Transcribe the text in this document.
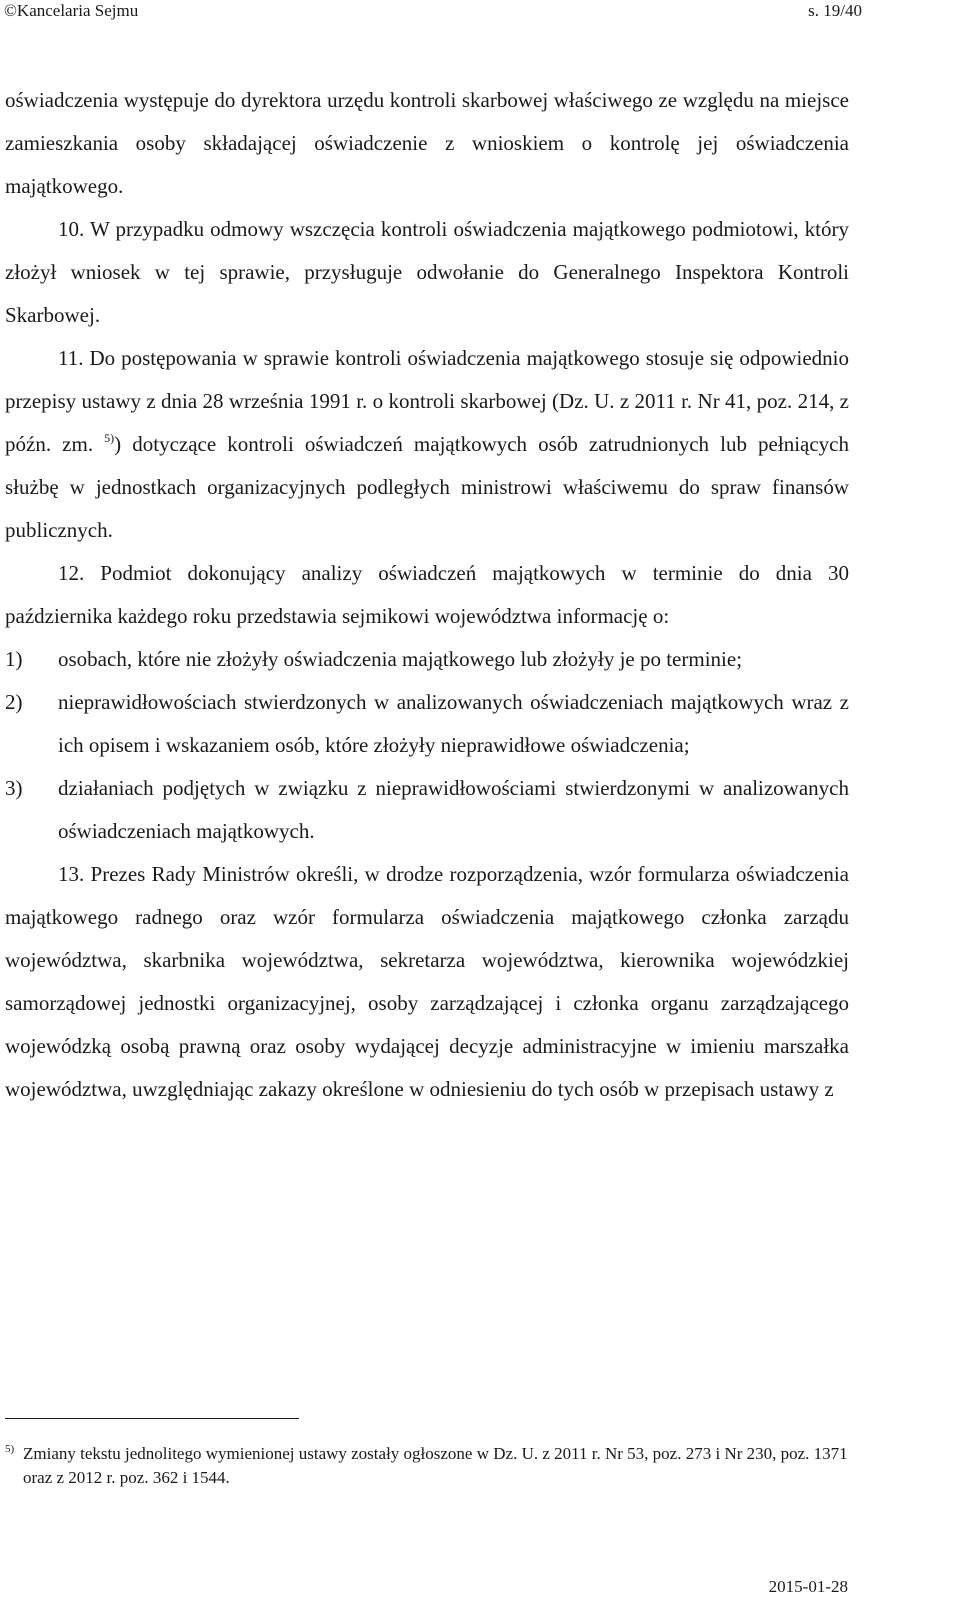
©Kancelaria Sejmu	s. 19/40

oświadczenia występuje do dyrektora urzędu kontroli skarbowej właściwego ze względu na miejsce zamieszkania osoby składającej oświadczenie z wnioskiem o kontrolę jej oświadczenia majątkowego.

10. W przypadku odmowy wszczęcia kontroli oświadczenia majątkowego podmiotowi, który złożył wniosek w tej sprawie, przysługuje odwołanie do Generalnego Inspektora Kontroli Skarbowej.

11. Do postępowania w sprawie kontroli oświadczenia majątkowego stosuje się odpowiednio przepisy ustawy z dnia 28 września 1991 r. o kontroli skarbowej (Dz. U. z 2011 r. Nr 41, poz. 214, z późn. zm. $^{5)}$) dotyczące kontroli oświadczeń majątkowych osób zatrudnionych lub pełniących służbę w jednostkach organizacyjnych podległych ministrowi właściwemu do spraw finansów publicznych.

12. Podmiot dokonujący analizy oświadczeń majątkowych w terminie do dnia 30 października każdego roku przedstawia sejmikowi województwa informację o:

1) osobach, które nie złożyły oświadczenia majątkowego lub złożyły je po terminie;

2) nieprawidłowościach stwierdzonych w analizowanych oświadczeniach majątkowych wraz z ich opisem i wskazaniem osób, które złożyły nieprawidłowe oświadczenia;

3) działaniach podjętych w związku z nieprawidłowościami stwierdzonymi w analizowanych oświadczeniach majątkowych.

13. Prezes Rady Ministrów określi, w drodze rozporządzenia, wzór formularza oświadczenia majątkowego radnego oraz wzór formularza oświadczenia majątkowego członka zarządu województwa, skarbnika województwa, sekretarza województwa, kierownika wojewódzkiej samorządowej jednostki organizacyjnej, osoby zarządzającej i członka organu zarządzającego wojewódzką osobą prawną oraz osoby wydającej decyzje administracyjne w imieniu marszałka województwa, uwzględniając zakazy określone w odniesieniu do tych osób w przepisach ustawy z

$^{5)}$ Zmiany tekstu jednolitego wymienionej ustawy zostały ogłoszone w Dz. U. z 2011 r. Nr 53, poz. 273 i Nr 230, poz. 1371 oraz z 2012 r. poz. 362 i 1544.
2015-01-28
